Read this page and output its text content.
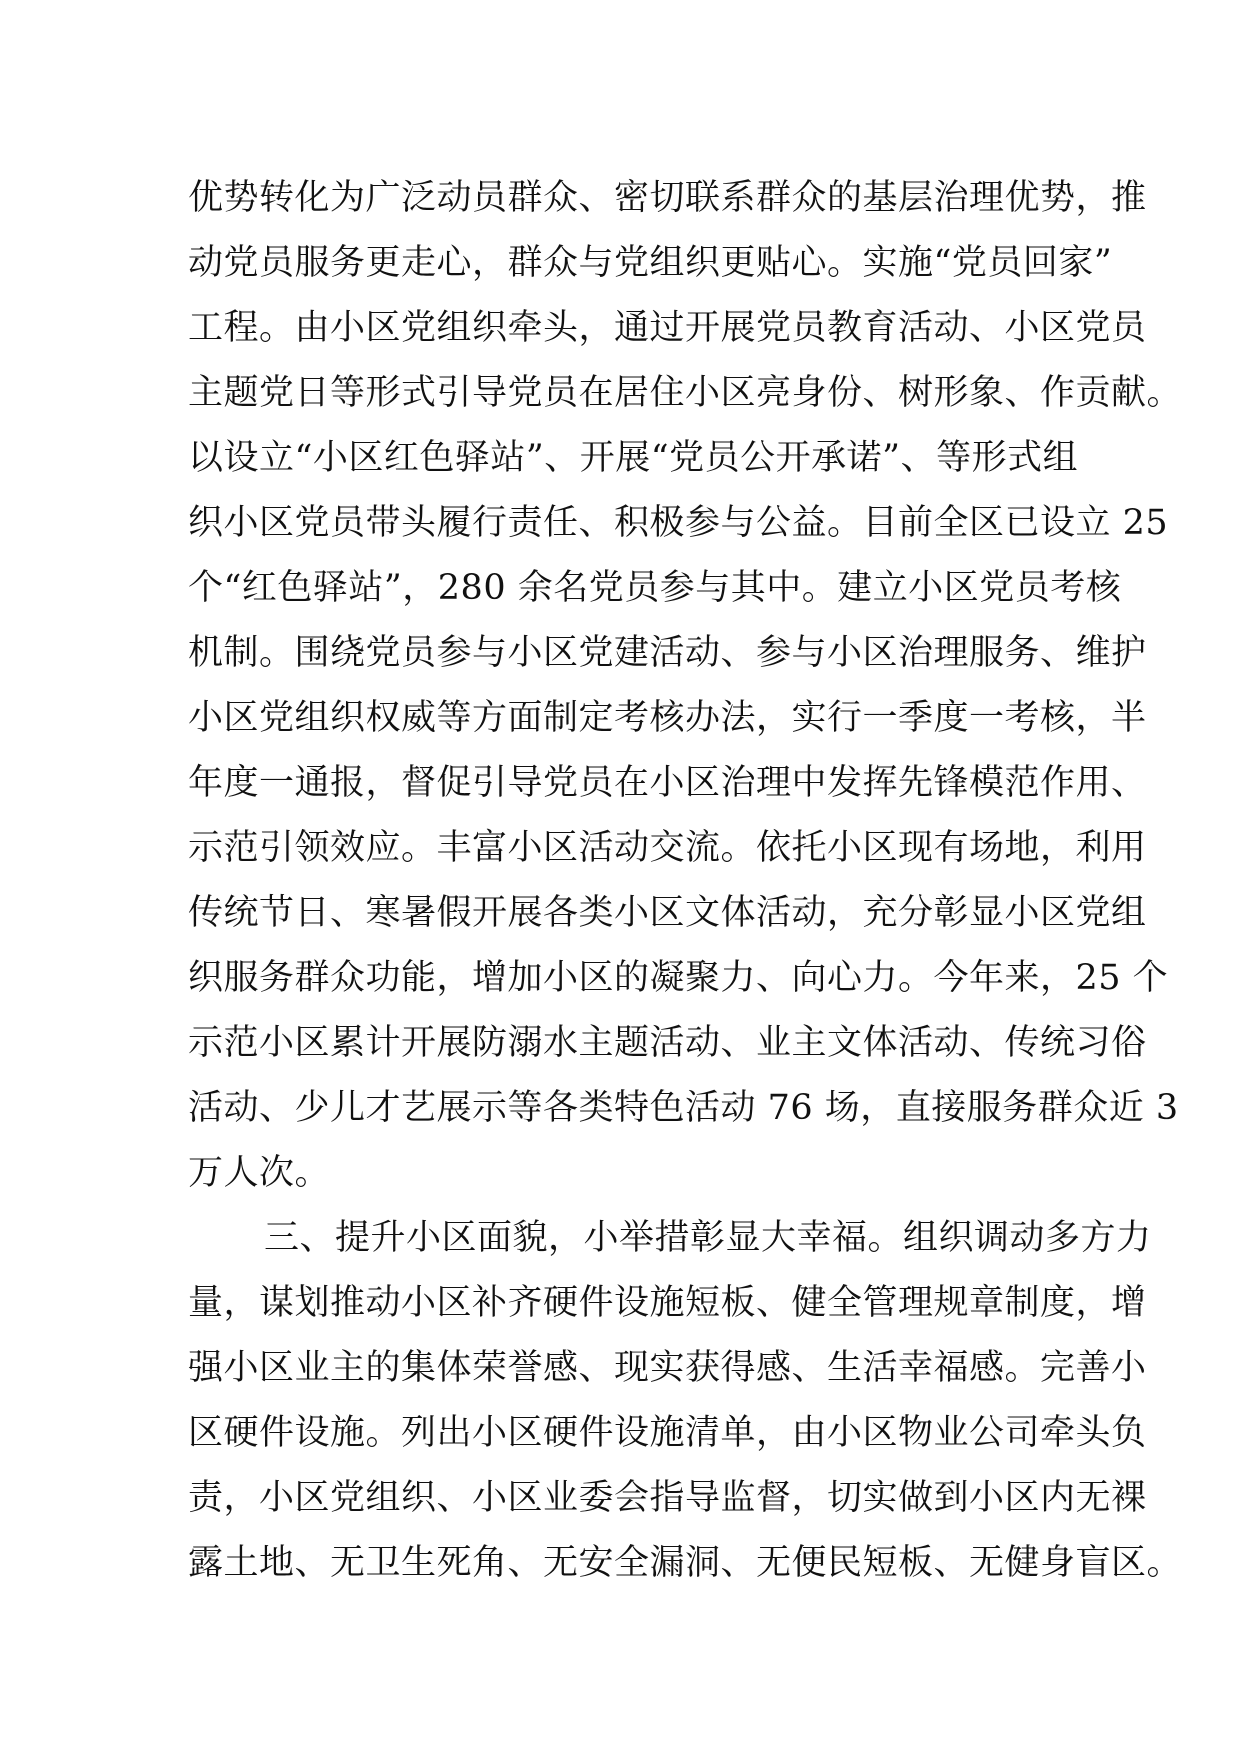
优势转化为广泛动员群众、密切联系群众的基层治理优势，推
动党员服务更走心，群众与党组织更贴心。实施“党员回家”
工程。由小区党组织牵头，通过开展党员教育活动、小区党员
主题党日等形式引导党员在居住小区亮身份、树形象、作贡献。
以设立“小区红色驿站”、开展“党员公开承诺”、等形式组
织小区党员带头履行责任、积极参与公益。目前全区已设立 25
个“红色驿站”，280 余名党员参与其中。建立小区党员考核
机制。围绕党员参与小区党建活动、参与小区治理服务、维护
小区党组织权威等方面制定考核办法，实行一季度一考核，半
年度一通报，督促引导党员在小区治理中发挥先锋模范作用、
示范引领效应。丰富小区活动交流。依托小区现有场地，利用
传统节日、寒暑假开展各类小区文体活动，充分彰显小区党组
织服务群众功能，增加小区的凝聚力、向心力。今年来，25 个
示范小区累计开展防溺水主题活动、业主文体活动、传统习俗
活动、少儿才艺展示等各类特色活动 76 场，直接服务群众近 3
万人次。
三、提升小区面貌，小举措彰显大幸福。组织调动多方力
量，谋划推动小区补齐硬件设施短板、健全管理规章制度，增
强小区业主的集体荣誉感、现实获得感、生活幸福感。完善小
区硬件设施。列出小区硬件设施清单，由小区物业公司牵头负
责，小区党组织、小区业委会指导监督，切实做到小区内无裸
露土地、无卫生死角、无安全漏洞、无便民短板、无健身盲区。
